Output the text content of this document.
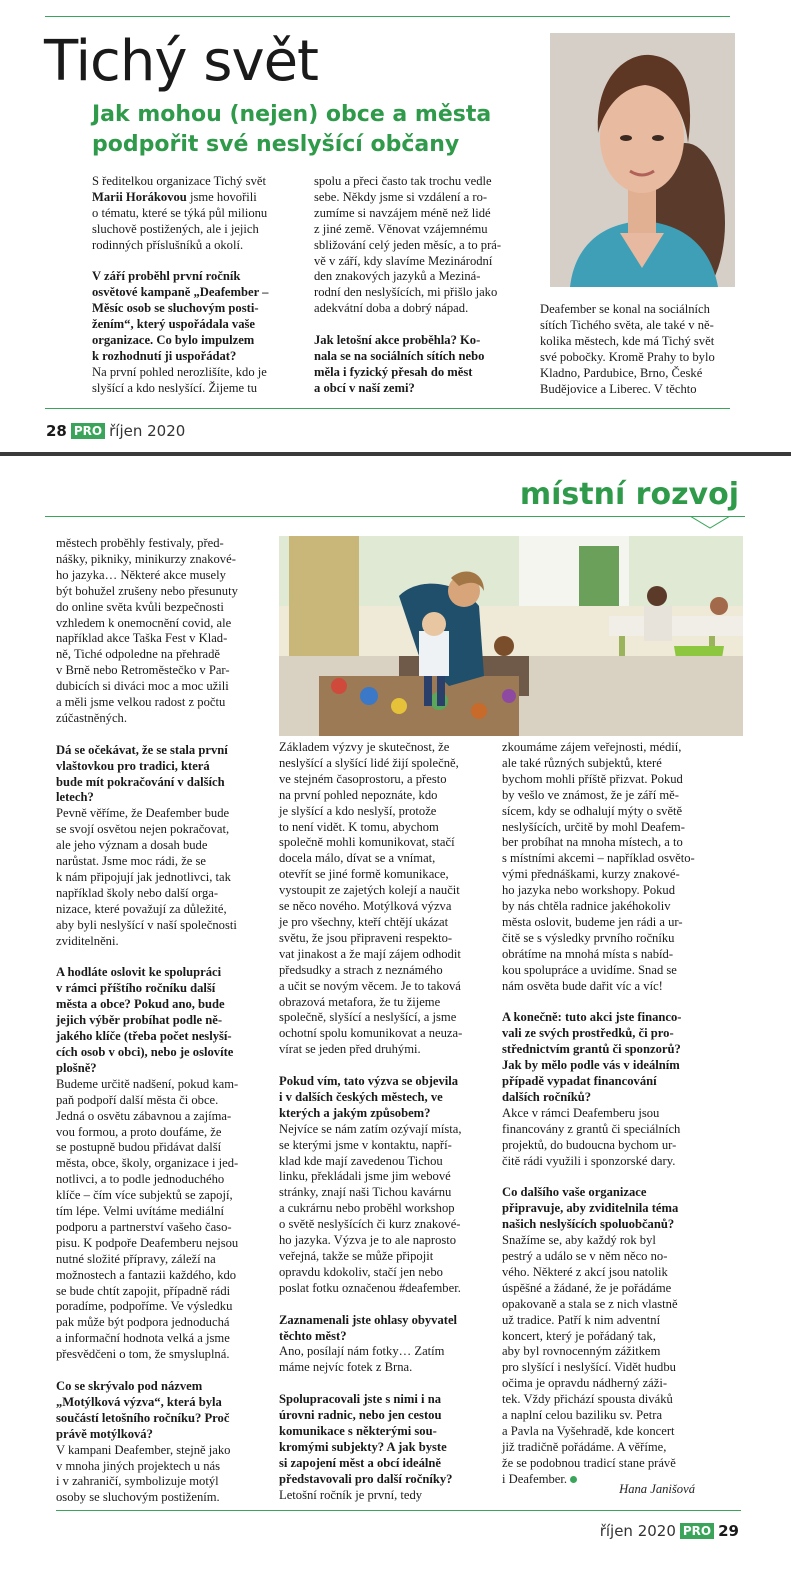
Tichý svět
Jak mohou (nejen) obce a města
podpořit své neslyšící občany

S ředitelkou organizace Tichý svět
Marii Horákovou jsme hovořili
o tématu, které se týká půl milionu
sluchově postižených, ale i jejich
rodinných příslušníků a okolí.

V září proběhl první ročník
osvětové kampaně „Deafember –
Měsíc osob se sluchovým posti-
žením“, který uspořádala vaše
organizace. Co bylo impulzem
k rozhodnutí ji uspořádat?

Na první pohled nerozlišíte, kdo je
slyšící a kdo neslyšící. Žijeme tu

spolu a přeci často tak trochu vedle
sebe. Někdy jsme si vzdálení a ro-
zumíme si navzájem méně než lidé
z jiné země. Věnovat vzájemnému
sbližování celý jeden měsíc, a to prá-
vě v září, kdy slavíme Mezinárodní
den znakových jazyků a Meziná-
rodní den neslyšících, mi přišlo jako
adekvátní doba a dobrý nápad.

Jak letošní akce proběhla? Ko-
nala se na sociálních sítích nebo
měla i fyzický přesah do měst
a obcí v naší zemi?

Deafember se konal na sociálních
sítích Tichého světa, ale také v ně-
kolika městech, kde má Tichý svět
své pobočky. Kromě Prahy to bylo
Kladno, Pardubice, Brno, České
Budějovice a Liberec. V těchto

28 PRO říjen 2020
místní rozvoj

městech proběhly festivaly, před-
nášky, pikniky, minikurzy znakové-
ho jazyka… Některé akce musely
být bohužel zrušeny nebo přesunuty
do online světa kvůli bezpečnosti
vzhledem k onemocnění covid, ale
například akce Taška Fest v Klad-
ně, Tiché odpoledne na přehradě
v Brně nebo Retroměstečko v Par-
dubicích si diváci moc a moc užili
a měli jsme velkou radost z počtu
zúčastněných.

Dá se očekávat, že se stala první
vlaštovkou pro tradici, která
bude mít pokračování v dalších
letech?

Pevně věříme, že Deafember bude
se svojí osvětou nejen pokračovat,
ale jeho význam a dosah bude
narůstat. Jsme moc rádi, že se
k nám připojují jak jednotlivci, tak
například školy nebo další orga-
nizace, které považují za důležité,
aby byli neslyšící v naší společnosti
zviditelněni.

A hodláte oslovit ke spolupráci
v rámci příštího ročníku další
města a obce? Pokud ano, bude
jejich výběr probíhat podle ně-
jakého klíče (třeba počet neslyší-
cích osob v obci), nebo je oslovíte
plošně?

Budeme určitě nadšení, pokud kam-
paň podpoří další města či obce.
Jedná o osvětu zábavnou a zajíma-
vou formou, a proto doufáme, že
se postupně budou přidávat další
města, obce, školy, organizace i jed-
notlivci, a to podle jednoduchého
klíče – čím více subjektů se zapojí,
tím lépe. Velmi uvítáme mediální
podporu a partnerství vašeho časo-
pisu. K podpoře Deafemberu nejsou
nutné složité přípravy, záleží na
možnostech a fantazii každého, kdo
se bude chtít zapojit, případně rádi
poradíme, podpoříme. Ve výsledku
pak může být podpora jednoduchá
a informační hodnota velká a jsme
přesvědčeni o tom, že smysluplná.

Co se skrývalo pod názvem
„Motýlková výzva“, která byla
součástí letošního ročníku? Proč
právě motýlková?

V kampani Deafember, stejně jako
v mnoha jiných projektech u nás
i v zahraničí, symbolizuje motýl
osoby se sluchovým postižením.

Základem výzvy je skutečnost, že
neslyšící a slyšící lidé žijí společně,
ve stejném časoprostoru, a přesto
na první pohled nepoznáte, kdo
je slyšící a kdo neslyší, protože
to není vidět. K tomu, abychom
společně mohli komunikovat, stačí
docela málo, dívat se a vnímat,
otevřít se jiné formě komunikace,
vystoupit ze zajetých kolejí a naučit
se něco nového. Motýlková výzva
je pro všechny, kteří chtějí ukázat
světu, že jsou připraveni respekto-
vat jinakost a že mají zájem odhodit
předsudky a strach z neznámého
a učit se novým věcem. Je to taková
obrazová metafora, že tu žijeme
společně, slyšící a neslyšící, a jsme
ochotní spolu komunikovat a neuza-
vírat se jeden před druhými.

Pokud vím, tato výzva se objevila
i v dalších českých městech, ve
kterých a jakým způsobem?

Nejvíce se nám zatím ozývají místa,
se kterými jsme v kontaktu, napří-
klad kde mají zavedenou Tichou
linku, překládali jsme jim webové
stránky, znají naši Tichou kavárnu
a cukrárnu nebo proběhl workshop
o světě neslyšících či kurz znakové-
ho jazyka. Výzva je to ale naprosto
veřejná, takže se může připojit
opravdu kdokoliv, stačí jen nebo
poslat fotku označenou #deafember.

Zaznamenali jste ohlasy obyvatel
těchto měst?

Ano, posílají nám fotky… Zatím
máme nejvíc fotek z Brna.

Spolupracovali jste s nimi i na
úrovni radnic, nebo jen cestou
komunikace s některými sou-
kromými subjekty? A jak byste
si zapojení měst a obcí ideálně
představovali pro další ročníky?

Letošní ročník je první, tedy

zkoumáme zájem veřejnosti, médií,
ale také různých subjektů, které
bychom mohli příště přizvat. Pokud
by vešlo ve známost, že je září mě-
sícem, kdy se odhalují mýty o světě
neslyšících, určitě by mohl Deafem-
ber probíhat na mnoha místech, a to
s místními akcemi – například osvěto-
vými přednáškami, kurzy znakové-
ho jazyka nebo workshopy. Pokud
by nás chtěla radnice jakéhokoliv
města oslovit, budeme jen rádi a ur-
čitě se s výsledky prvního ročníku
obrátíme na mnohá místa s nabíd-
kou spolupráce a uvidíme. Snad se
nám osvěta bude dařit víc a víc!

A konečně: tuto akci jste financo-
vali ze svých prostředků, či pro-
střednictvím grantů či sponzorů?
Jak by mělo podle vás v ideálním
případě vypadat financování
dalších ročníků?

Akce v rámci Deafemberu jsou
financovány z grantů či speciálních
projektů, do budoucna bychom ur-
čitě rádi využili i sponzorské dary.

Co dalšího vaše organizace
připravuje, aby zviditelnila téma
našich neslyšících spoluobčanů?

Snažíme se, aby každý rok byl
pestrý a událo se v něm něco no-
vého. Některé z akcí jsou natolik
úspěšné a žádané, že je pořádáme
opakovaně a stala se z nich vlastně
už tradice. Patří k nim adventní
koncert, který je pořádaný tak,
aby byl rovnocenným zážitkem
pro slyšící i neslyšící. Vidět hudbu
očima je opravdu nádherný záži-
tek. Vždy přichází spousta diváků
a naplní celou baziliku sv. Petra
a Pavla na Vyšehradě, kde koncert
již tradičně pořádáme. A věříme,
že se podobnou tradicí stane právě
i Deafember.

Hana Janišová
říjen 2020 PRO 29
